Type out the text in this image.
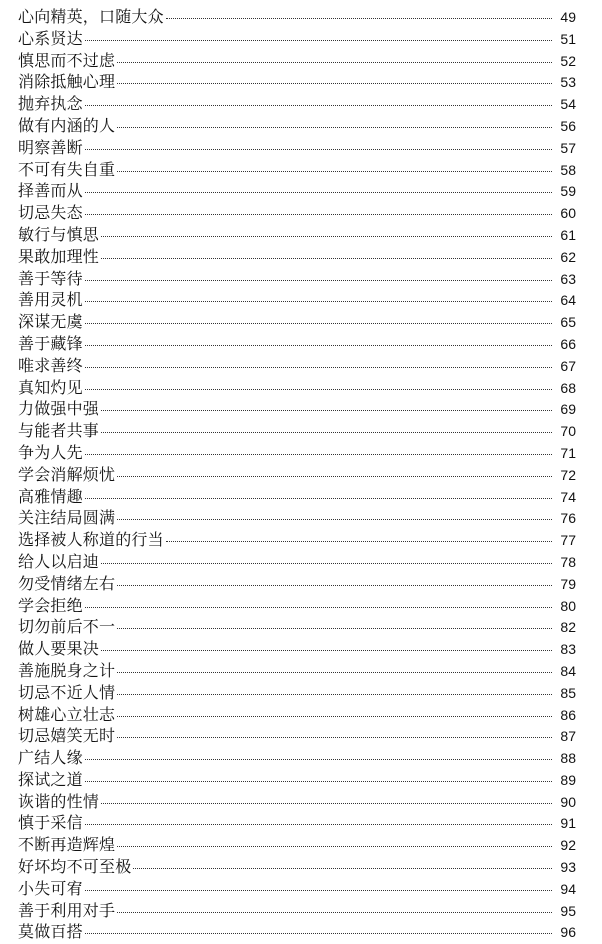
心向精英，口随大众	49
心系贤达	51
慎思而不过虑	52
消除抵触心理	53
抛弃执念	54
做有内涵的人	56
明察善断	57
不可有失自重	58
择善而从	59
切忌失态	60
敏行与慎思	61
果敢加理性	62
善于等待	63
善用灵机	64
深谋无虞	65
善于藏锋	66
唯求善终	67
真知灼见	68
力做强中强	69
与能者共事	70
争为人先	71
学会消解烦忧	72
高雅情趣	74
关注结局圆满	76
选择被人称道的行当	77
给人以启迪	78
勿受情绪左右	79
学会拒绝	80
切勿前后不一	82
做人要果决	83
善施脱身之计	84
切忌不近人情	85
树雄心立壮志	86
切忌嬉笑无时	87
广结人缘	88
探试之道	89
诙谐的性情	90
慎于采信	91
不断再造辉煌	92
好坏均不可至极	93
小失可宥	94
善于利用对手	95
莫做百搭	96
